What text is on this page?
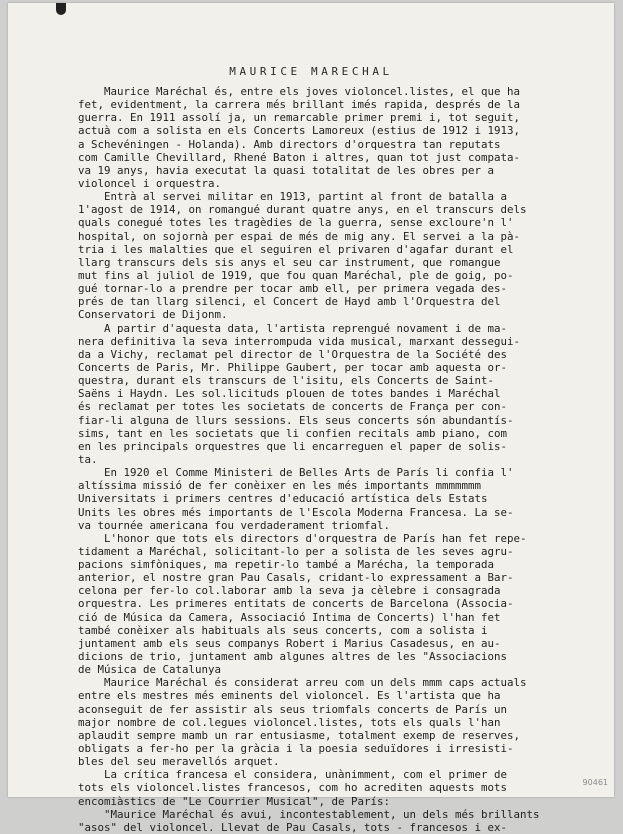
MAURICE MARECHAL
Maurice Maréchal és, entre els joves violoncel.listes, el que ha
fet, evidentment, la carrera més brillant imés rapida, després de la
guerra. En 1911 assolí ja, un remarcable primer premi i, tot seguit,
actuà com a solista en els Concerts Lamoreux (estius de 1912 i 1913,
a Schevéningen - Holanda). Amb directors d'orquestra tan reputats
com Camille Chevillard, Rhené Baton i altres, quan tot just compata-
va 19 anys, havia executat la quasi totalitat de les obres per a
violoncel i orquestra.
Entrà al servei militar en 1913, partint al front de batalla a
1'agost de 1914, on romangué durant quatre anys, en el transcurs dels
quals conegué totes les tragèdies de la guerra, sense excloure'n l'
hospital, on sojornà per espai de més de mig any. El servei a la pà-
tria i les malalties que el seguiren el privaren d'agafar durant el
llarg transcurs dels sis anys el seu car instrument, que romangue
mut fins al juliol de 1919, que fou quan Maréchal, ple de goig, po-
gué tornar-lo a prendre per tocar amb ell, per primera vegada des-
prés de tan llarg silenci, el Concert de Hayd amb l'Orquestra del
Conservatori de Dijonm.
A partir d'aquesta data, l'artista reprengué novament i de ma-
nera definitiva la seva interrompuda vida musical, marxant dessegui-
da a Vichy, reclamat pel director de l'Orquestra de la Société des
Concerts de Paris, Mr. Philippe Gaubert, per tocar amb aquesta or-
questra, durant els transcurs de l'isitu, els Concerts de Saint-
Saëns i Haydn. Les sol.licituds plouen de totes bandes i Maréchal
és reclamat per totes les societats de concerts de França per con-
fiar-li alguna de llurs sessions. Els seus concerts són abundantís-
sims, tant en les societats que li confien recitals amb piano, com
en les principals orquestres que li encarreguen el paper de solis-
ta.
En 1920 el Comme Ministeri de Belles Arts de París li confia l'
altíssima missió de fer conèixer en les més importants mmmmmmm
Universitats i primers centres d'educació artística dels Estats
Units les obres més importants de l'Escola Moderna Francesa. La se-
va tournée americana fou verdaderament triomfal.
L'honor que tots els directors d'orquestra de París han fet repe-
tidament a Maréchal, solicitant-lo per a solista de les seves agru-
pacions simfòniques, ma repetir-lo també a Marécha, la temporada
anterior, el nostre gran Pau Casals, cridant-lo expressament a Bar-
celona per fer-lo col.laborar amb la seva ja cèlebre i consagrada
orquestra. Les primeres entitats de concerts de Barcelona (Associa-
ció de Música da Camera, Associació Intima de Concerts) l'han fet
també conèixer als habituals als seus concerts, com a solista i
juntament amb els seus companys Robert i Marius Casadesus, en au-
dicions de trio, juntament amb algunes altres de les "Associacions
de Música de Catalunya
Maurice Maréchal és considerat arreu com un dels mmm caps actuals
entre els mestres més eminents del violoncel. Es l'artista que ha
aconseguit de fer assistir als seus triomfals concerts de París un
major nombre de col.legues violoncel.listes, tots els quals l'han
aplaudit sempre mamb un rar entusiasme, totalment exemp de reserves,
obligats a fer-ho per la gràcia i la poesia seduïdores i irresisti-
bles del seu meravellós arquet.
La crítica francesa el considera, unànimment, com el primer de
tots els violoncel.listes francesos, com ho acrediten aquests mots
encomiàstics de "Le Courrier Musical", de París:
"Maurice Maréchal és avui, incontestablement, un dels més brillants
"asos" del violoncel. Llevat de Pau Casals, tots - francesos i ex-
90461
